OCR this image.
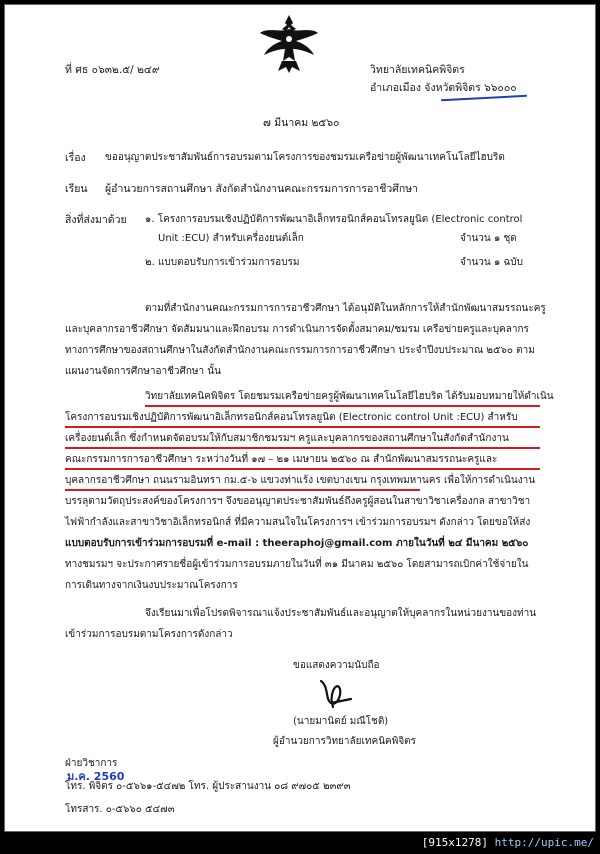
ที่ ศธ ๐๖๓๒.๕/ ๒๔๙	วิทยาลัยเทคนิคพิจิตร
อำเภอเมือง จังหวัดพิจิตร ๖๖๐๐๐
๗ มีนาคม ๒๕๖๐
เรื่อง ขออนุญาตประชาสัมพันธ์การอบรมตามโครงการของชมรมเครือข่ายผู้พัฒนาเทคโนโลยีไฮบริด
เรียน ผู้อำนวยการสถานศึกษา สังกัดสำนักงานคณะกรรมการการอาชีวศึกษา
สิ่งที่ส่งมาด้วย ๑. โครงการอบรมเชิงปฏิบัติการพัฒนาอิเล็กทรอนิกส์คอนโทรลยูนิต (Electronic control
Unit :ECU) สำหรับเครื่องยนต์เล็ก	จำนวน ๑ ชุด
๒. แบบตอบรับการเข้าร่วมการอบรม	จำนวน ๑ ฉบับ
ตามที่สำนักงานคณะกรรมการการอาชีวศึกษา ได้อนุมัติในหลักการให้สำนักพัฒนาสมรรถนะครู
และบุคลากรอาชีวศึกษา จัดสัมมนาและฝึกอบรม การดำเนินการจัดตั้งสมาคม/ชมรม เครือข่ายครูและบุคลากร
ทางการศึกษาของสถานศึกษาในสังกัดสำนักงานคณะกรรมการการอาชีวศึกษา ประจำปีงบประมาณ ๒๕๖๐ ตาม
แผนงานจัดการศึกษาอาชีวศึกษา นั้น
วิทยาลัยเทคนิคพิจิตร โดยชมรมเครือข่ายครูผู้พัฒนาเทคโนโลยีไฮบริด ได้รับมอบหมายให้ดำเนิน
โครงการอบรมเชิงปฏิบัติการพัฒนาอิเล็กทรอนิกส์คอนโทรลยูนิต (Electronic control Unit :ECU) สำหรับ
เครื่องยนต์เล็ก ซึ่งกำหนดจัดอบรมให้กับสมาชิกชมรมฯ ครูและบุคลากรของสถานศึกษาในสังกัดสำนักงาน
คณะกรรมการการอาชีวศึกษา ระหว่างวันที่ ๑๗ – ๒๑ เมษายน ๒๕๖๐ ณ สำนักพัฒนาสมรรถนะครูและ
บุคลากรอาชีวศึกษา ถนนรามอินทรา กม.๕-๖ แขวงท่าแร้ง เขตบางเขน กรุงเทพมหานคร เพื่อให้การดำเนินงาน
บรรลุตามวัตถุประสงค์ของโครงการฯ จึงขออนุญาตประชาสัมพันธ์ถึงครูผู้สอนในสาขาวิชาเครื่องกล สาขาวิชา
ไฟฟ้ากำลังและสาขาวิชาอิเล็กทรอนิกส์ ที่มีความสนใจในโครงการฯ เข้าร่วมการอบรมฯ ดังกล่าว โดยขอให้ส่ง
แบบตอบรับการเข้าร่วมการอบรมที่ e-mail : theeraphoj@gmail.com ภายในวันที่ ๒๔ มีนาคม ๒๕๖๐
ทางชมรมฯ จะประกาศรายชื่อผู้เข้าร่วมการอบรมภายในวันที่ ๓๑ มีนาคม ๒๕๖๐ โดยสามารถเบิกค่าใช้จ่ายใน
การเดินทางจากเงินงบประมาณโครงการ
จึงเรียนมาเพื่อโปรดพิจารณาแจ้งประชาสัมพันธ์และอนุญาตให้บุคลากรในหน่วยงานของท่าน
เข้าร่วมการอบรมตามโครงการดังกล่าว
ขอแสดงความนับถือ
(นายมานิตย์ มณีโชติ)
ผู้อำนวยการวิทยาลัยเทคนิคพิจิตร
ฝ่ายวิชาการ
โทร. พิจิตร ๐-๕๖๖๑-๕๔๗๒ โทร. ผู้ประสานงาน ๐๘ ๙๗๐๕ ๒๓๙๓
โทรสาร. ๐-๕๖๖๐ ๕๔๗๓
ม.ค. 2560
[915x1278] http://upic.me/
